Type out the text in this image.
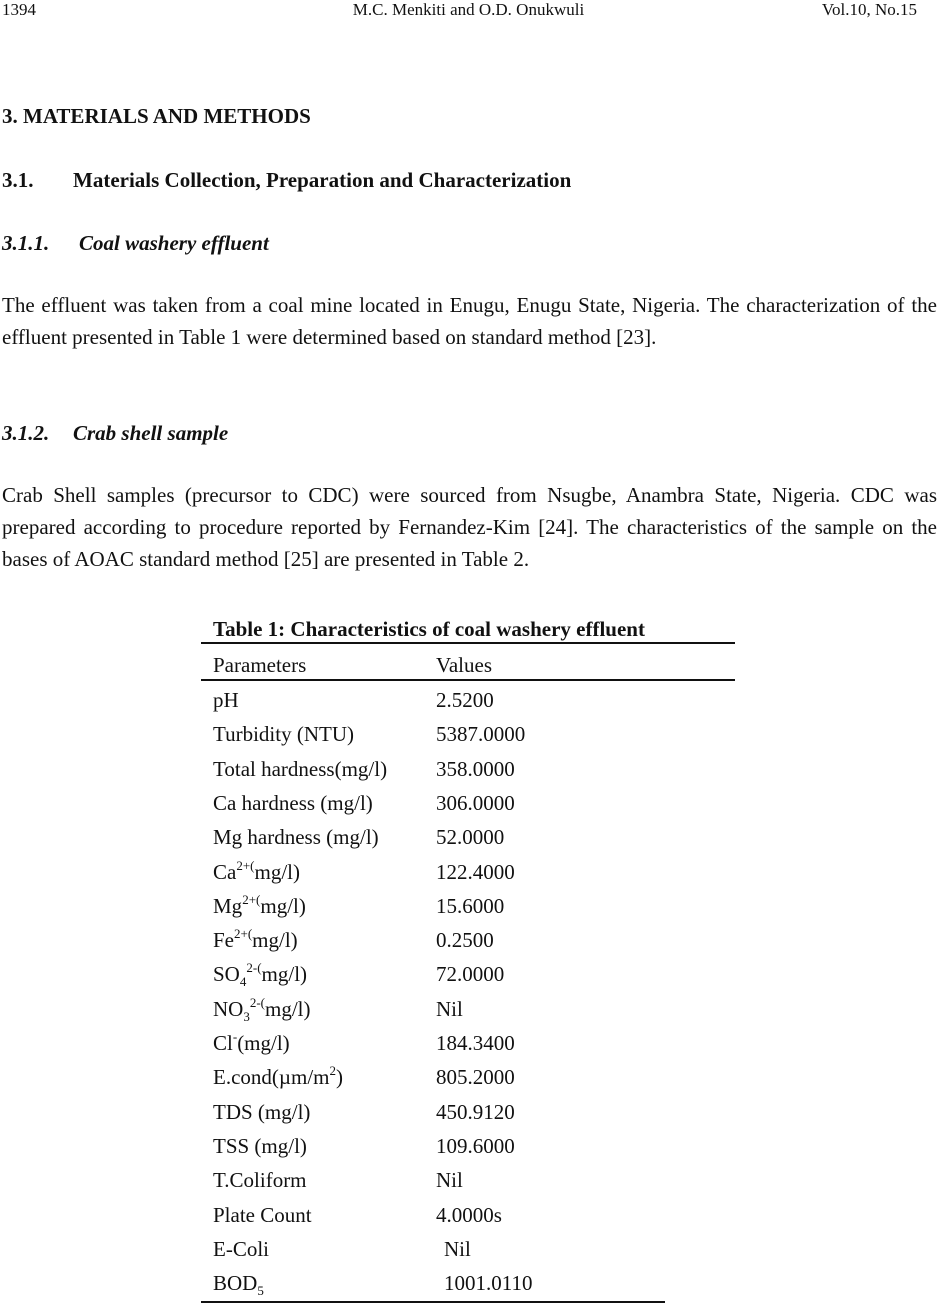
1394	M.C. Menkiti and O.D. Onukwuli	Vol.10, No.15
3. MATERIALS AND METHODS
3.1. Materials Collection, Preparation and Characterization
3.1.1. Coal washery effluent
The effluent was taken from a coal mine located in Enugu, Enugu State, Nigeria. The characterization of the effluent presented in Table 1 were determined based on standard method [23].
3.1.2. Crab shell sample
Crab Shell samples (precursor to CDC) were sourced from Nsugbe, Anambra State, Nigeria. CDC was prepared according to procedure reported by Fernandez-Kim [24]. The characteristics of the sample on the bases of AOAC standard method [25] are presented in Table 2.
Table 1: Characteristics of coal washery effluent
Parameters	Values
pH	2.5200
Turbidity (NTU)	5387.0000
Total hardness(mg/l) 358.0000
Ca hardness (mg/l)	306.0000
Mg hardness (mg/l)	52.0000
$Ca^{2+(}mg/l$)	122.4000
$Mg^{2+(}mg/l$)	15.6000
$Fe^{2+(}mg/l$)	0.2500
$SO_4^{2-(}mg/l$)	72.0000
$NO_3^{2-(}mg/l$)	Nil
Cl-(mg/l)	184.3400
$E.cond(\mu m/m^2)$	805.2000
TDS (mg/l)	450.9120
TSS (mg/l)	109.6000
T.Coliform	Nil
Plate Count	4.0000s
E-Coli	Nil
$BOD_5$	1001.0110
